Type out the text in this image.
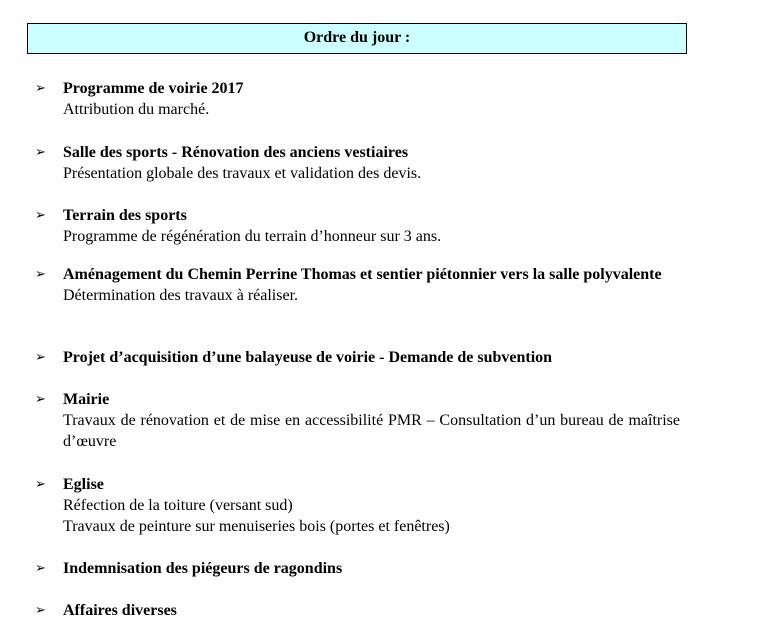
Ordre du jour :
➢ Programme de voirie 2017
Attribution du marché.
➢ Salle des sports - Rénovation des anciens vestiaires
Présentation globale des travaux et validation des devis.
➢ Terrain des sports
Programme de régénération du terrain d’honneur sur 3 ans.
➢ Aménagement du Chemin Perrine Thomas et sentier piétonnier vers la salle polyvalente
Détermination des travaux à réaliser.
➢ Projet d’acquisition d’une balayeuse de voirie - Demande de subvention
➢ Mairie
Travaux de rénovation et de mise en accessibilité PMR – Consultation d’un bureau de maîtrise d’œuvre
➢ Eglise
Réfection de la toiture (versant sud)
Travaux de peinture sur menuiseries bois (portes et fenêtres)
➢ Indemnisation des piégeurs de ragondins
➢ Affaires diverses
